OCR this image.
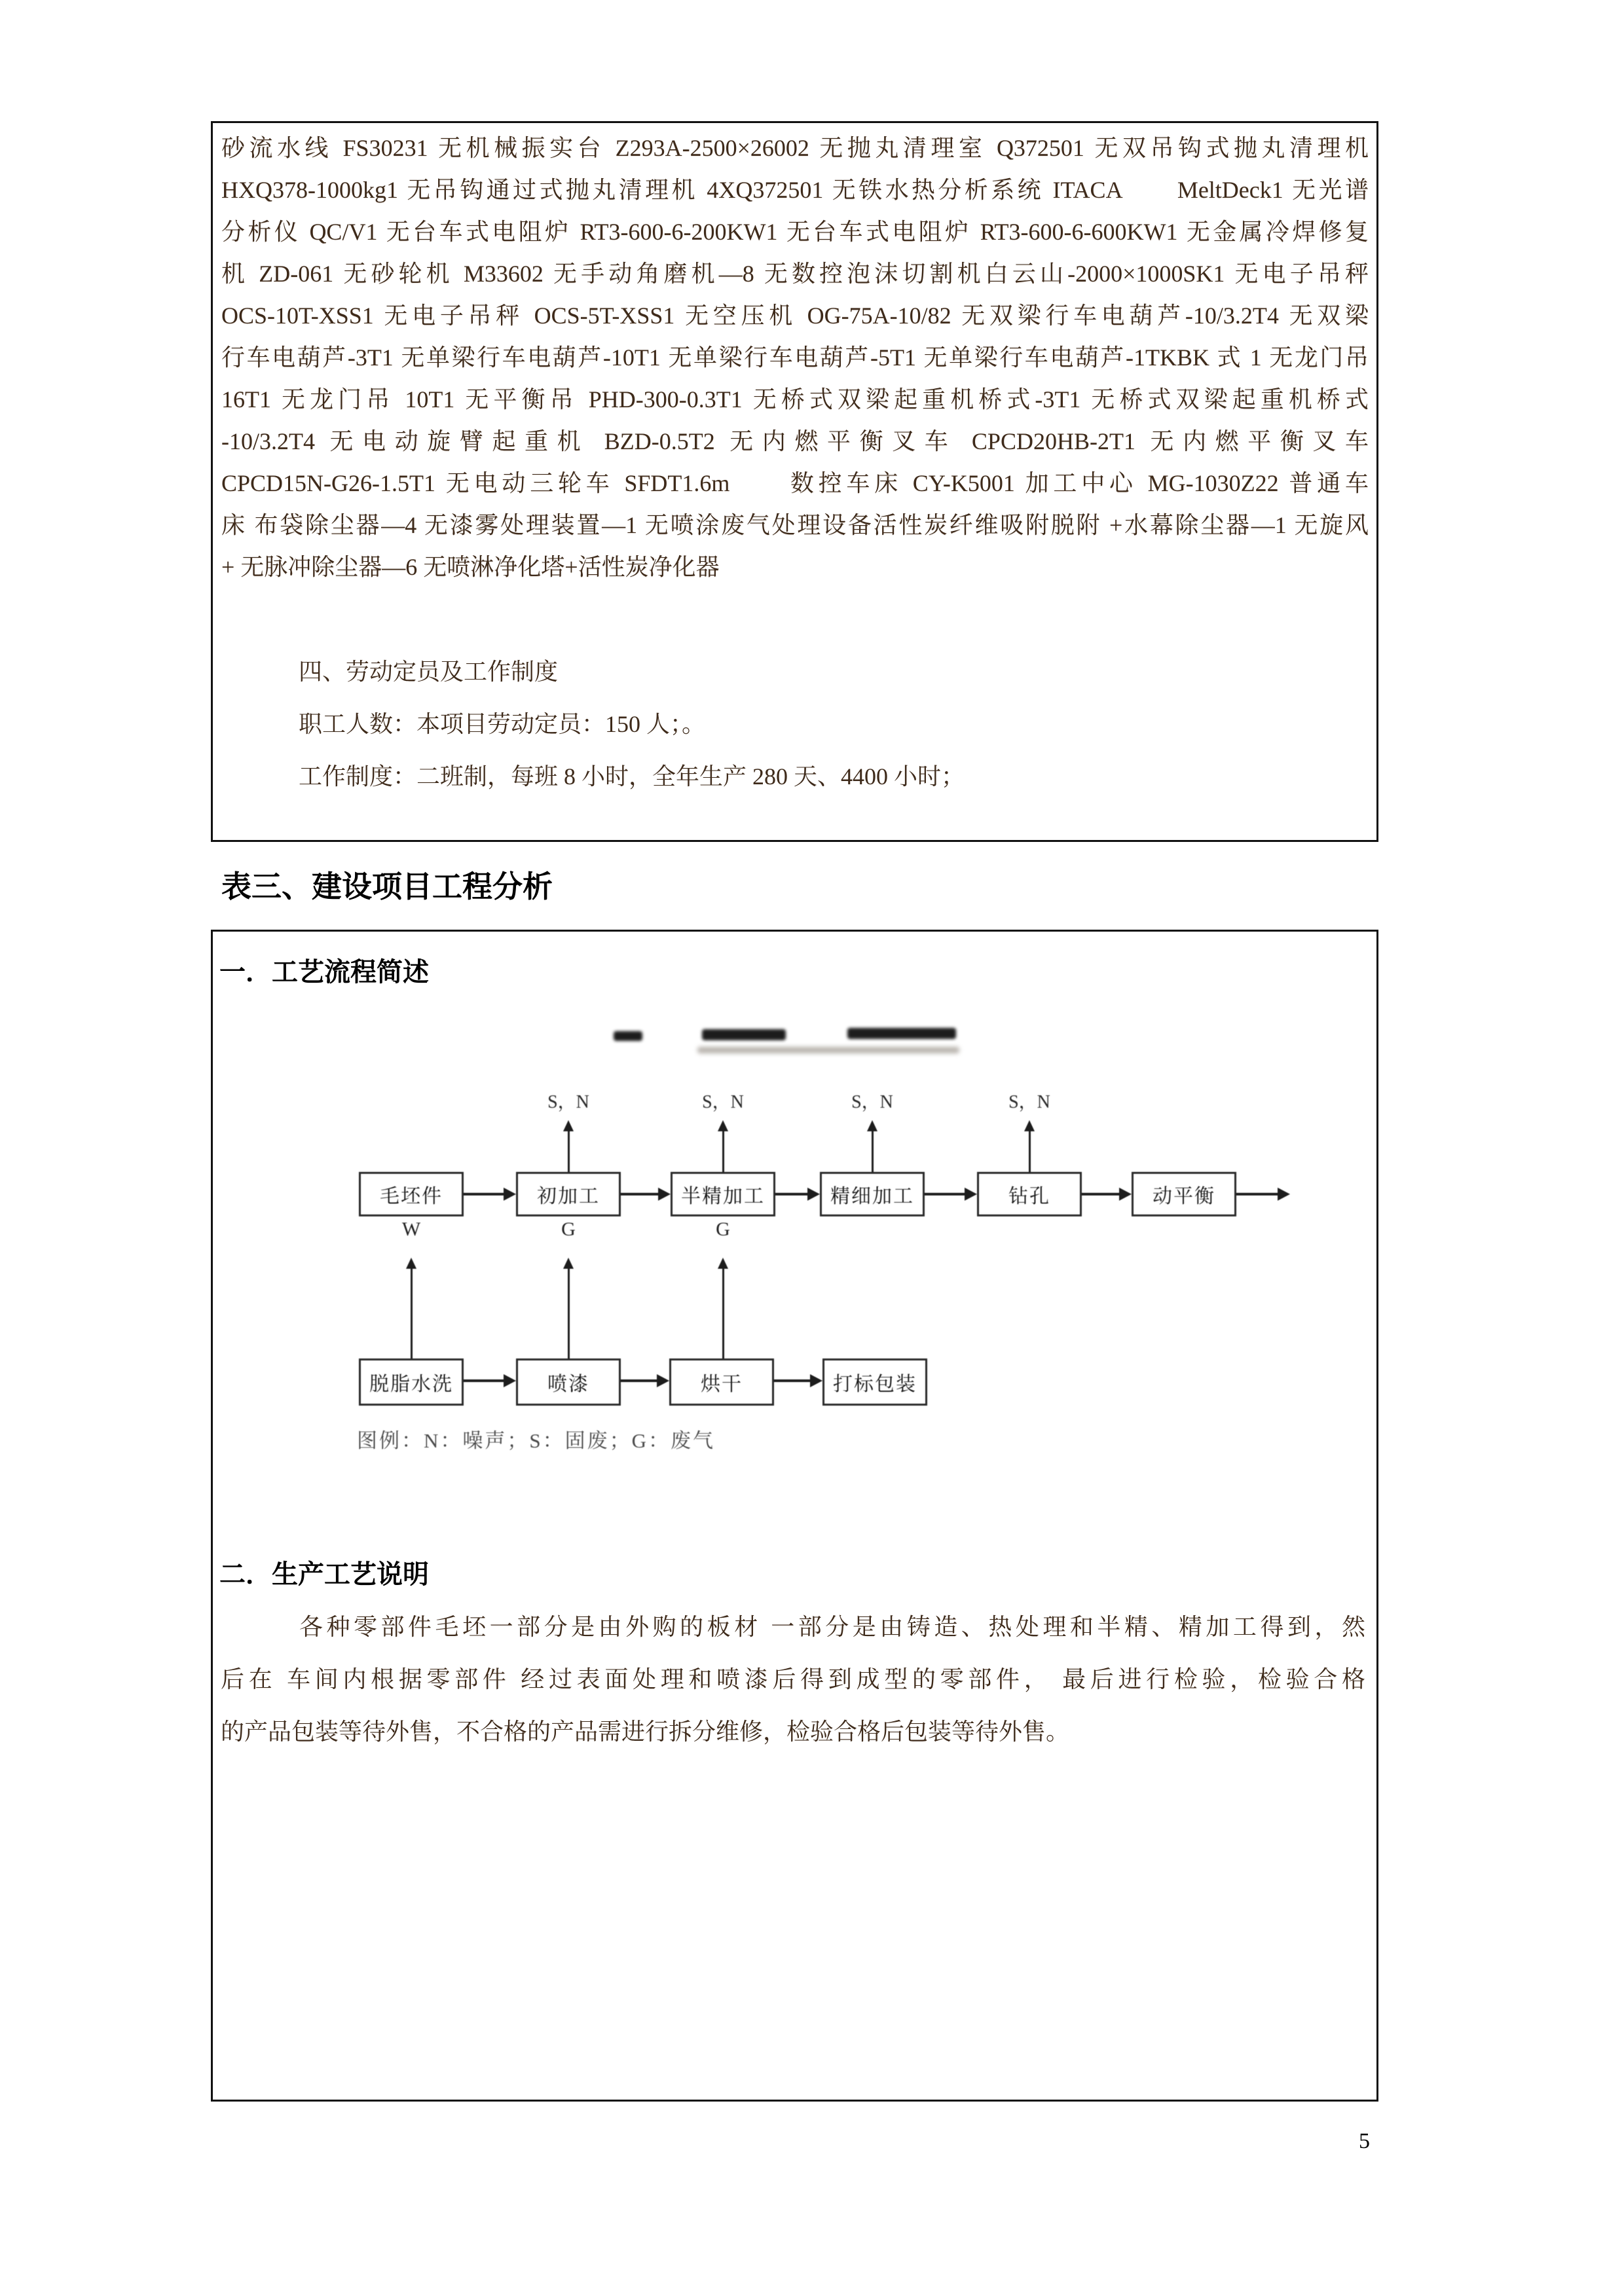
砂流水线 FS30231 无机械振实台 Z293A-2500×26002 无抛丸清理室 Q372501 无双吊钩式抛丸清理机
HXQ378-1000kg1 无吊钩通过式抛丸清理机 4XQ372501 无铁水热分析系统 ITACA　　MeltDeck1 无光谱
分析仪 QC/V1 无台车式电阻炉 RT3-600-6-200KW1 无台车式电阻炉 RT3-600-6-600KW1 无金属冷焊修复
机 ZD-061 无砂轮机 M33602 无手动角磨机—8 无数控泡沫切割机白云山-2000×1000SK1 无电子吊秤
OCS-10T-XSS1 无电子吊秤 OCS-5T-XSS1 无空压机 OG-75A-10/82 无双梁行车电葫芦-10/3.2T4 无双梁
行车电葫芦-3T1 无单梁行车电葫芦-10T1 无单梁行车电葫芦-5T1 无单梁行车电葫芦-1TKBK 式 1 无龙门吊
16T1 无龙门吊 10T1 无平衡吊 PHD-300-0.3T1 无桥式双梁起重机桥式-3T1 无桥式双梁起重机桥式
-10/3.2T4 无电动旋臂起重机 BZD-0.5T2 无内燃平衡叉车 CPCD20HB-2T1 无内燃平衡叉车
CPCD15N-G26-1.5T1 无电动三轮车 SFDT1.6m　　数控车床 CY-K5001 加工中心 MG-1030Z22 普通车
床 布袋除尘器—4 无漆雾处理装置—1 无喷涂废气处理设备活性炭纤维吸附脱附 +水幕除尘器—1 无旋风
+ 无脉冲除尘器—6 无喷淋净化塔+活性炭净化器
四、劳动定员及工作制度
职工人数：本项目劳动定员：150 人；。
工作制度：二班制，每班 8 小时，全年生产 280 天、4400 小时；
表三、建设项目工程分析
一．工艺流程简述
S，N	S，N	S，N	S，N
毛坯件	初加工	半精加工	精细加工	钻孔	动平衡
W	G	G
脱脂水洗	喷漆	烘干	打标包装
图例：N：噪声；S：固废；G：废气
二．生产工艺说明
各种零部件毛坯一部分是由外购的板材 一部分是由铸造、热处理和半精、精加工得到，然
后在 车间内根据零部件 经过表面处理和喷漆后得到成型的零部件， 最后进行检验，检验合格
的产品包装等待外售，不合格的产品需进行拆分维修，检验合格后包装等待外售。
5
